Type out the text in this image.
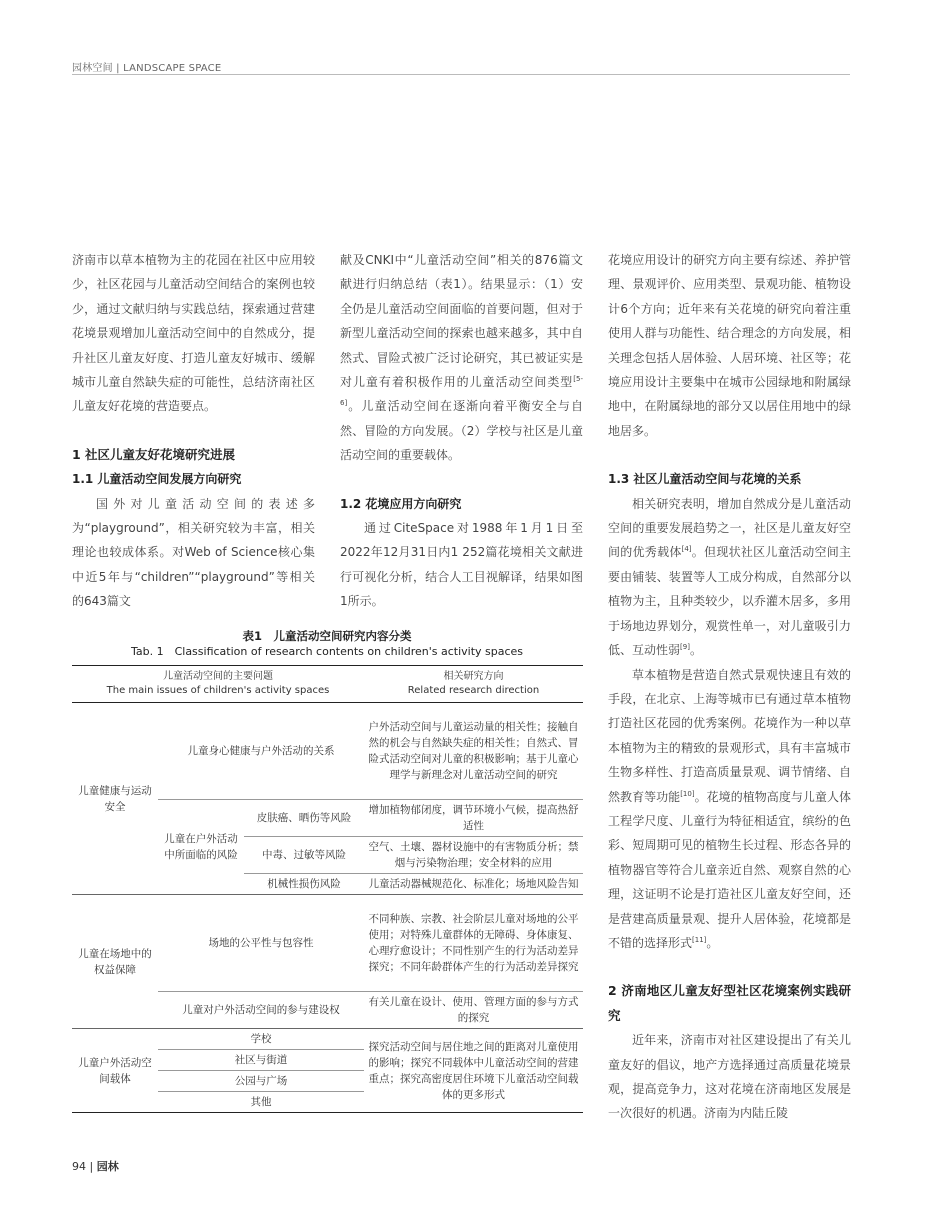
园林空间 | LANDSCAPE SPACE

济南市以草本植物为主的花园在社区中应用较少，社区花园与儿童活动空间结合的案例也较少，通过文献归纳与实践总结，探索通过营建花境景观增加儿童活动空间中的自然成分，提升社区儿童友好度、打造儿童友好城市、缓解城市儿童自然缺失症的可能性，总结济南社区儿童友好花境的营造要点。

1 社区儿童友好花境研究进展

1.1 儿童活动空间发展方向研究

国外对儿童活动空间的表述多为“playground”，相关研究较为丰富，相关理论也较成体系。对Web of Science核心集中近5年与“children”“playground”等相关的643篇文

献及CNKI中“儿童活动空间”相关的876篇文献进行归纳总结（表1）。结果显示：（1）安全仍是儿童活动空间面临的首要问题，但对于新型儿童活动空间的探索也越来越多，其中自然式、冒险式被广泛讨论研究，其已被证实是对儿童有着积极作用的儿童活动空间类型[5-6]。儿童活动空间在逐渐向着平衡安全与自然、冒险的方向发展。（2）学校与社区是儿童活动空间的重要载体。

1.2 花境应用方向研究

通过CiteSpace对1988年1月1日至2022年12月31日内1 252篇花境相关文献进行可视化分析，结合人工目视解译，结果如图1所示。

花境应用设计的研究方向主要有综述、养护管理、景观评价、应用类型、景观功能、植物设计6个方向；近年来有关花境的研究向着注重使用人群与功能性、结合理念的方向发展，相关理念包括人居体验、人居环境、社区等；花境应用设计主要集中在城市公园绿地和附属绿地中，在附属绿地的部分又以居住用地中的绿地居多。

1.3 社区儿童活动空间与花境的关系

相关研究表明，增加自然成分是儿童活动空间的重要发展趋势之一，社区是儿童友好空间的优秀载体[4]。但现状社区儿童活动空间主要由铺装、装置等人工成分构成，自然部分以植物为主，且种类较少，以乔灌木居多，多用于场地边界划分，观赏性单一，对儿童吸引力低、互动性弱[9]。

草本植物是营造自然式景观快速且有效的手段，在北京、上海等城市已有通过草本植物打造社区花园的优秀案例。花境作为一种以草本植物为主的精致的景观形式，具有丰富城市生物多样性、打造高质量景观、调节情绪、自然教育等功能[10]。花境的植物高度与儿童人体工程学尺度、儿童行为特征相适宜，缤纷的色彩、短周期可见的植物生长过程、形态各异的植物器官等符合儿童亲近自然、观察自然的心理，这证明不论是打造社区儿童友好空间，还是营建高质量景观、提升人居体验，花境都是不错的选择形式[11]。

2 济南地区儿童友好型社区花境案例实践研究

近年来，济南市对社区建设提出了有关儿童友好的倡议，地产方选择通过高质量花境景观，提高竞争力，这对花境在济南地区发展是一次很好的机遇。济南为内陆丘陵

表1　儿童活动空间研究内容分类
Tab. 1　Classification of research contents on children's activity spaces
儿童活动空间的主要问题
The main issues of children's activity spaces			相关研究方向
Related research direction
儿童健康与运动安全	儿童身心健康与户外活动的关系		户外活动空间与儿童运动量的相关性；接触自然的机会与自然缺失症的相关性；自然式、冒险式活动空间对儿童的积极影响；基于儿童心理学与新理念对儿童活动空间的研究
	儿童在户外活动中所面临的风险	皮肤癌、晒伤等风险	增加植物郁闭度，调节环境小气候，提高热舒适性
		中毒、过敏等风险	空气、土壤、器材设施中的有害物质分析；禁烟与污染物治理；安全材料的应用
		机械性损伤风险	儿童活动器械规范化、标准化；场地风险告知
儿童在场地中的权益保障	场地的公平性与包容性		不同种族、宗教、社会阶层儿童对场地的公平使用；对特殊儿童群体的无障碍、身体康复、心理疗愈设计；不同性别产生的行为活动差异探究；不同年龄群体产生的行为活动差异探究
	儿童对户外活动空间的参与建设权		有关儿童在设计、使用、管理方面的参与方式的探究
儿童户外活动空间载体	学校		探究活动空间与居住地之间的距离对儿童使用的影响；探究不同载体中儿童活动空间的营建重点；探究高密度居住环境下儿童活动空间载体的更多形式
	社区与街道		
	公园与广场		
	其他		
94 | 园林
